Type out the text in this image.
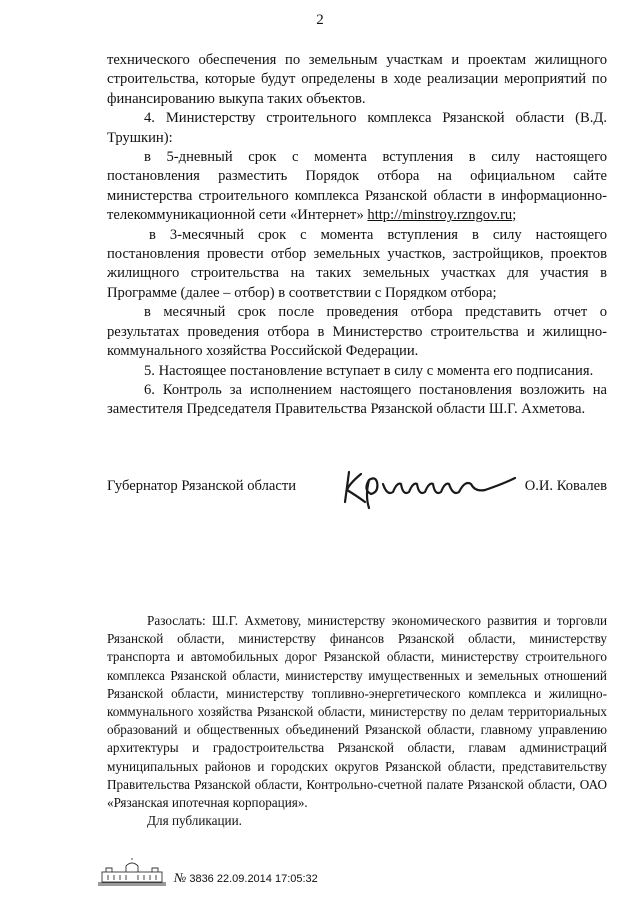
2

технического обеспечения по земельным участкам и проектам жилищного строительства, которые будут определены в ходе реализации мероприятий по финансированию выкупа таких объектов.

4. Министерству строительного комплекса Рязанской области (В.Д. Трушкин):

в 5-дневный срок с момента вступления в силу настоящего постановления разместить Порядок отбора на официальном сайте министерства строительного комплекса Рязанской области в информационно-телекоммуникационной сети «Интернет» http://minstroy.rzngov.ru;

в 3-месячный срок с момента вступления в силу настоящего постановления провести отбор земельных участков, застройщиков, проектов жилищного строительства на таких земельных участках для участия в Программе (далее – отбор) в соответствии с Порядком отбора;

в месячный срок после проведения отбора представить отчет о результатах проведения отбора в Министерство строительства и жилищно-коммунального хозяйства Российской Федерации.

5. Настоящее постановление вступает в силу с момента его подписания.

6. Контроль за исполнением настоящего постановления возложить на заместителя Председателя Правительства Рязанской области Ш.Г. Ахметова.

Губернатор Рязанской области	О.И. Ковалев

Разослать: Ш.Г. Ахметову, министерству экономического развития и торговли Рязанской области, министерству финансов Рязанской области, министерству транспорта и автомобильных дорог Рязанской области, министерству строительного комплекса Рязанской области, министерству имущественных и земельных отношений Рязанской области, министерству топливно-энергетического комплекса и жилищно-коммунального хозяйства Рязанской области, министерству по делам территориальных образований и общественных объединений Рязанской области, главному управлению архитектуры и градостроительства Рязанской области, главам администраций муниципальных районов и городских округов Рязанской области, представительству Правительства Рязанской области, Контрольно-счетной палате Рязанской области, ОАО «Рязанская ипотечная корпорация».

Для публикации.

№ 3836 22.09.2014 17:05:32
